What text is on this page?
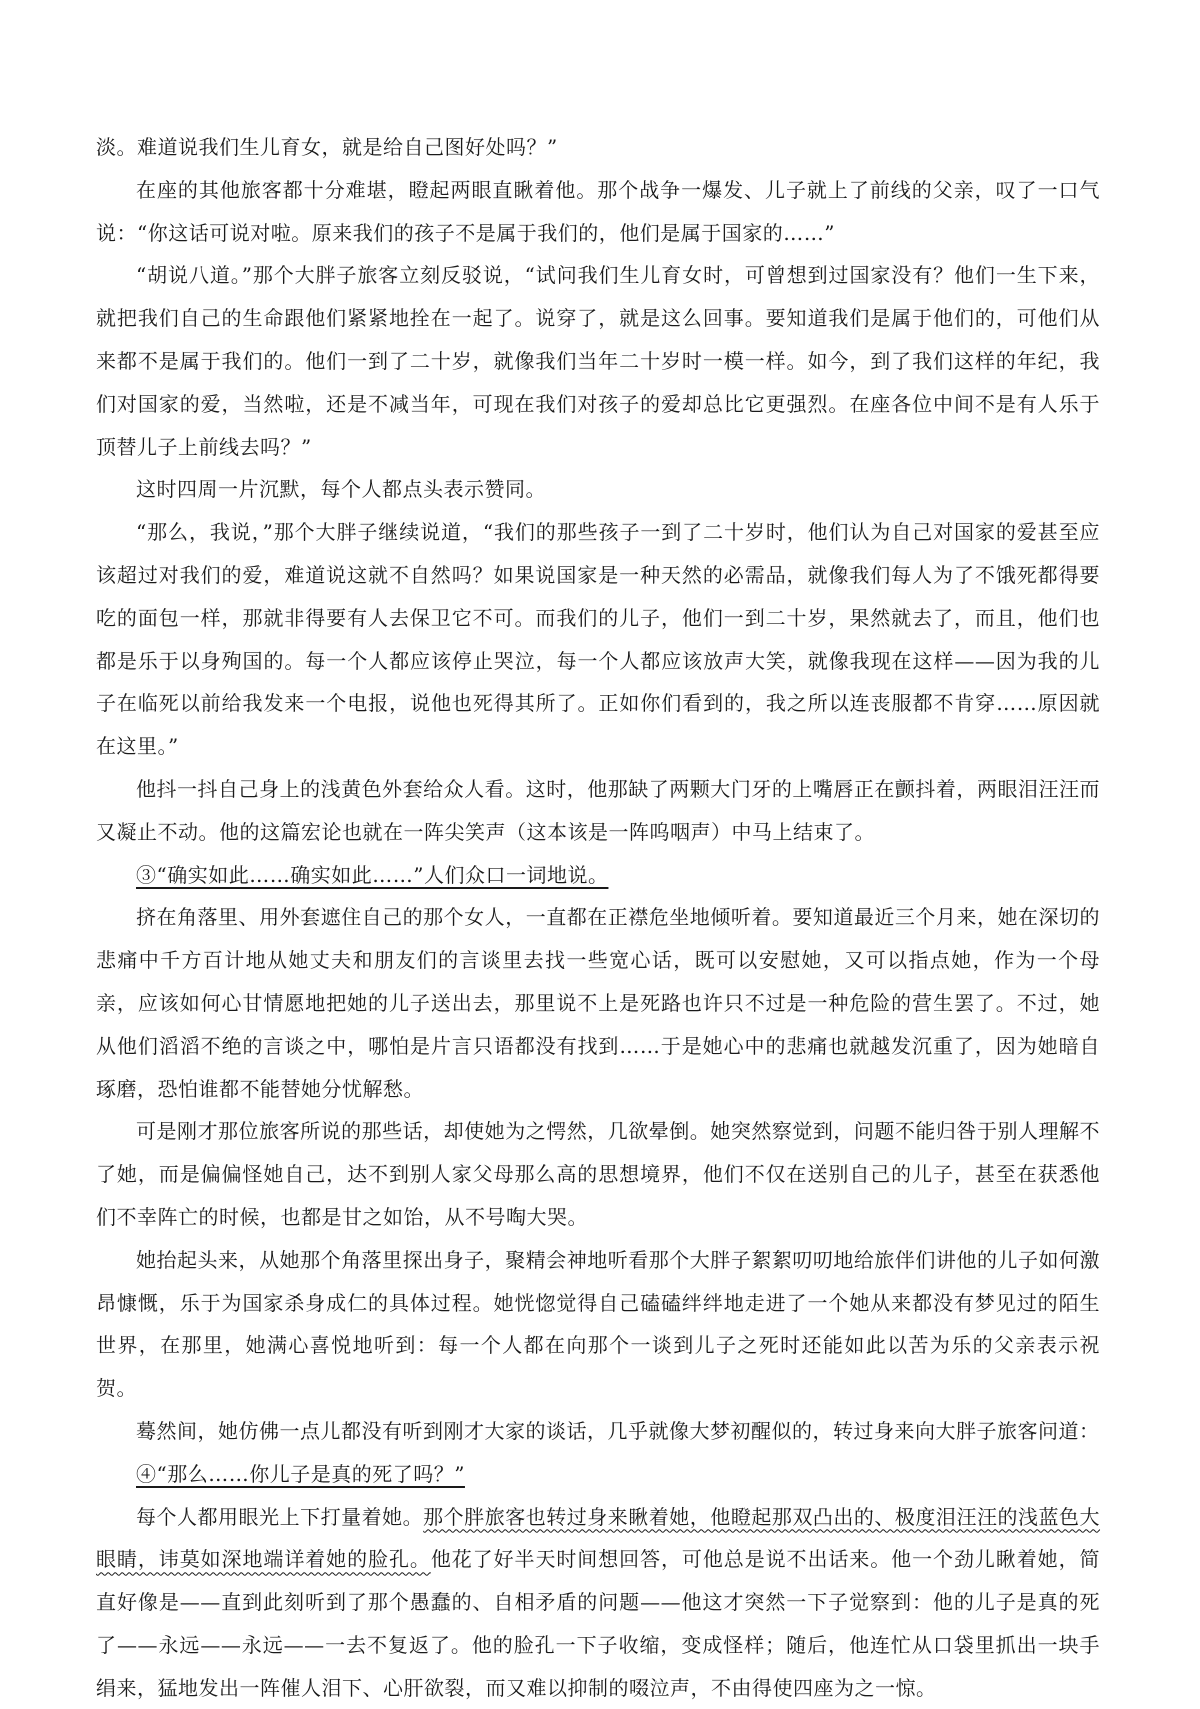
淡。难道说我们生儿育女，就是给自己图好处吗？”

在座的其他旅客都十分难堪，瞪起两眼直瞅着他。那个战争一爆发、儿子就上了前线的父亲，叹了一口气说：“你这话可说对啦。原来我们的孩子不是属于我们的，他们是属于国家的……”

“胡说八道。”那个大胖子旅客立刻反驳说，“试问我们生儿育女时，可曾想到过国家没有？他们一生下来，就把我们自己的生命跟他们紧紧地拴在一起了。说穿了，就是这么回事。要知道我们是属于他们的，可他们从来都不是属于我们的。他们一到了二十岁，就像我们当年二十岁时一模一样。如今，到了我们这样的年纪，我们对国家的爱，当然啦，还是不减当年，可现在我们对孩子的爱却总比它更强烈。在座各位中间不是有人乐于顶替儿子上前线去吗？”

这时四周一片沉默，每个人都点头表示赞同。

“那么，我说，”那个大胖子继续说道，“我们的那些孩子一到了二十岁时，他们认为自己对国家的爱甚至应该超过对我们的爱，难道说这就不自然吗？如果说国家是一种天然的必需品，就像我们每人为了不饿死都得要吃的面包一样，那就非得要有人去保卫它不可。而我们的儿子，他们一到二十岁，果然就去了，而且，他们也都是乐于以身殉国的。每一个人都应该停止哭泣，每一个人都应该放声大笑，就像我现在这样——因为我的儿子在临死以前给我发来一个电报，说他也死得其所了。正如你们看到的，我之所以连丧服都不肯穿……原因就在这里。”

他抖一抖自己身上的浅黄色外套给众人看。这时，他那缺了两颗大门牙的上嘴唇正在颤抖着，两眼泪汪汪而又凝止不动。他的这篇宏论也就在一阵尖笑声（这本该是一阵呜咽声）中马上结束了。

③“确实如此……确实如此……”人们众口一词地说。

挤在角落里、用外套遮住自己的那个女人，一直都在正襟危坐地倾听着。要知道最近三个月来，她在深切的悲痛中千方百计地从她丈夫和朋友们的言谈里去找一些宽心话，既可以安慰她，又可以指点她，作为一个母亲，应该如何心甘情愿地把她的儿子送出去，那里说不上是死路也许只不过是一种危险的营生罢了。不过，她从他们滔滔不绝的言谈之中，哪怕是片言只语都没有找到……于是她心中的悲痛也就越发沉重了，因为她暗自琢磨，恐怕谁都不能替她分忧解愁。

可是刚才那位旅客所说的那些话，却使她为之愕然，几欲晕倒。她突然察觉到，问题不能归咎于别人理解不了她，而是偏偏怪她自己，达不到别人家父母那么高的思想境界，他们不仅在送别自己的儿子，甚至在获悉他们不幸阵亡的时候，也都是甘之如饴，从不号啕大哭。

她抬起头来，从她那个角落里探出身子，聚精会神地听看那个大胖子絮絮叨叨地给旅伴们讲他的儿子如何激昂慷慨，乐于为国家杀身成仁的具体过程。她恍惚觉得自己磕磕绊绊地走进了一个她从来都没有梦见过的陌生世界，在那里，她满心喜悦地听到：每一个人都在向那个一谈到儿子之死时还能如此以苦为乐的父亲表示祝贺。

蓦然间，她仿佛一点儿都没有听到刚才大家的谈话，几乎就像大梦初醒似的，转过身来向大胖子旅客问道：

④“那么……你儿子是真的死了吗？”

每个人都用眼光上下打量着她。那个胖旅客也转过身来瞅着她，他瞪起那双凸出的、极度泪汪汪的浅蓝色大眼睛，讳莫如深地端详着她的脸孔。他花了好半天时间想回答，可他总是说不出话来。他一个劲儿瞅着她，简直好像是——直到此刻听到了那个愚蠢的、自相矛盾的问题——他这才突然一下子觉察到：他的儿子是真的死了——永远——永远——一去不复返了。他的脸孔一下子收缩，变成怪样；随后，他连忙从口袋里抓出一块手绢来，猛地发出一阵催人泪下、心肝欲裂，而又难以抑制的啜泣声，不由得使四座为之一惊。
